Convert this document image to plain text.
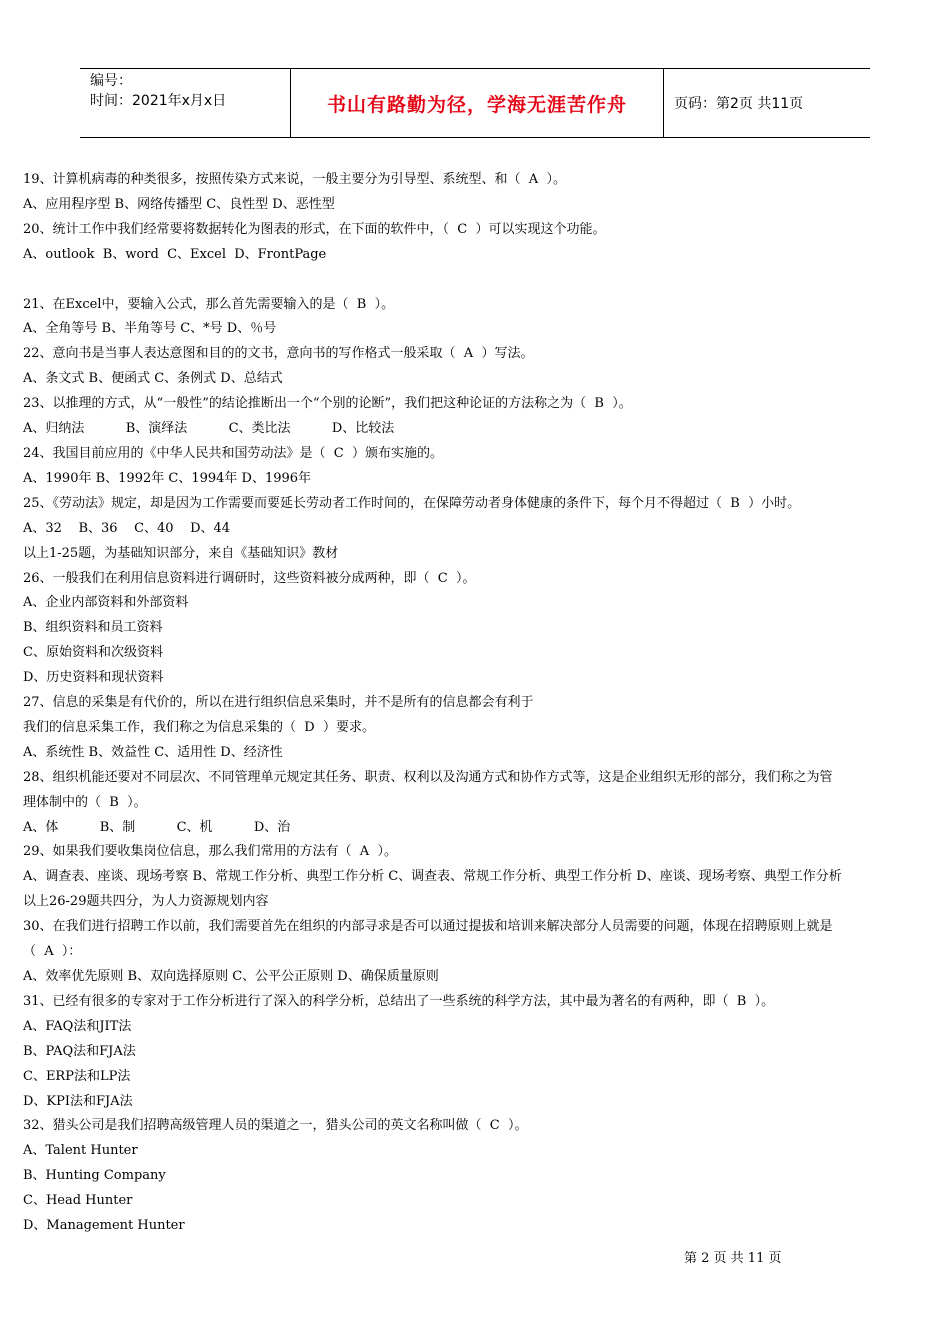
编号：
时间：2021年x月x日	书山有路勤为径，学海无涯苦作舟	页码：第2页 共11页
19、计算机病毒的种类很多，按照传染方式来说，一般主要分为引导型、系统型、和（  A  ）。
A、应用程序型 B、网络传播型 C、良性型 D、恶性型
20、统计工作中我们经常要将数据转化为图表的形式，在下面的软件中，（  C  ）可以实现这个功能。
A、outlook  B、word  C、Excel  D、FrontPage

21、在Excel中，要输入公式，那么首先需要输入的是（  B  ）。
A、全角等号 B、半角等号 C、*号 D、％号
22、意向书是当事人表达意图和目的的文书，意向书的写作格式一般采取（  A  ）写法。
A、条文式 B、便函式 C、条例式 D、总结式
23、以推理的方式，从“一般性”的结论推断出一个“个别的论断”，我们把这种论证的方法称之为（  B  ）。
A、归纳法          B、演绎法          C、类比法          D、比较法
24、我国目前应用的《中华人民共和国劳动法》是（  C  ）颁布实施的。
A、1990年 B、1992年 C、1994年 D、1996年
25、《劳动法》规定，却是因为工作需要而要延长劳动者工作时间的，在保障劳动者身体健康的条件下，每个月不得超过（  B  ）小时。
A、32    B、36    C、40    D、44
以上1-25题，为基础知识部分，来自《基础知识》教材
26、一般我们在利用信息资料进行调研时，这些资料被分成两种，即（  C  ）。
A、企业内部资料和外部资料
B、组织资料和员工资料
C、原始资料和次级资料
D、历史资料和现状资料
27、信息的采集是有代价的，所以在进行组织信息采集时，并不是所有的信息都会有利于
我们的信息采集工作，我们称之为信息采集的（  D  ）要求。
A、系统性 B、效益性 C、适用性 D、经济性
28、组织机能还要对不同层次、不同管理单元规定其任务、职责、权利以及沟通方式和协作方式等，这是企业组织无形的部分，我们称之为管
理体制中的（  B  ）。
A、体          B、制          C、机          D、治
29、如果我们要收集岗位信息，那么我们常用的方法有（  A  ）。
A、调查表、座谈、现场考察 B、常规工作分析、典型工作分析 C、调查表、常规工作分析、典型工作分析 D、座谈、现场考察、典型工作分析
以上26-29题共四分，为人力资源规划内容
30、在我们进行招聘工作以前，我们需要首先在组织的内部寻求是否可以通过提拔和培训来解决部分人员需要的问题，体现在招聘原则上就是
（  A  ）：
A、效率优先原则 B、双向选择原则 C、公平公正原则 D、确保质量原则
31、已经有很多的专家对于工作分析进行了深入的科学分析，总结出了一些系统的科学方法，其中最为著名的有两种，即（  B  ）。
A、FAQ法和JIT法
B、PAQ法和FJA法
C、ERP法和LP法
D、KPI法和FJA法
32、猎头公司是我们招聘高级管理人员的渠道之一，猎头公司的英文名称叫做（  C  ）。
A、Talent Hunter
B、Hunting Company
C、Head Hunter
D、Management Hunter
第 2 页 共 11 页
